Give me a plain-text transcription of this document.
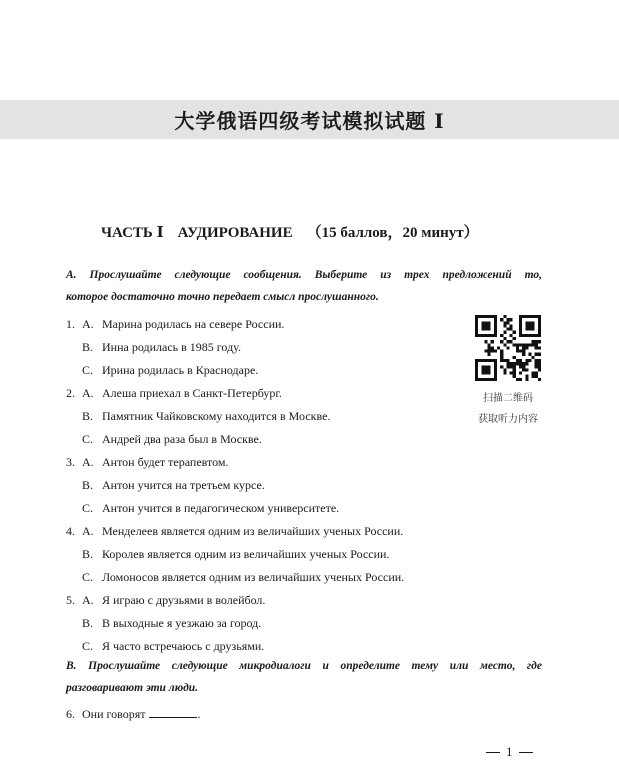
大学俄语四级考试模拟试题 Ⅰ
ЧАСТЬ Ⅰ АУДИРОВАНИЕ （15 баллов，20 минут）
A. Прослушайте следующие сообщения. Выберите из трех предложений то,
которое достаточно точно передает смысл прослушанного.
1. A. Марина родилась на севере России.
B. Инна родилась в 1985 году.
C. Ирина родилась в Краснодаре.
2. A. Алеша приехал в Санкт-Петербург.
B. Памятник Чайковскому находится в Москве.
C. Андрей два раза был в Москве.
3. A. Антон будет терапевтом.
B. Антон учится на третьем курсе.
C. Антон учится в педагогическом университете.
4. A. Менделеев является одним из величайших ученых России.
B. Королев является одним из величайших ученых России.
C. Ломоносов является одним из величайших ученых России.
5. A. Я играю с друзьями в волейбол.
B. В выходные я уезжаю за город.
C. Я часто встречаюсь с друзьями.
扫描二维码
获取听力内容
B. Прослушайте следующие микродиалоги и определите тему или место, где
разговаривают эти люди.
6. Они говорят	.
1
